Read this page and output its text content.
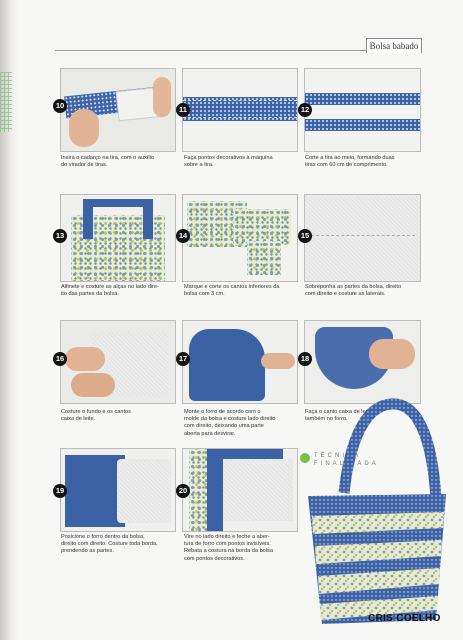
Bolsa babado
10
Insira o cadarço na tira, com o auxílio
do virador de tiras.
11
Faça pontos decorativos à máquina
sobre a tira.
12
Corte a tira ao meio, formando duas
tiras com 60 cm de comprimento.
13
Alfinete e costure as alças no lado dire-
ito das partes da bolsa.
14
Marque e corte os cantos inferiores da
bolsa com 3 cm.
15
Sobreponha as partes da bolsa, direito
com direito e costure as laterais.
16
Costure o fundo e os cantos
caixa de leite.
17
Monte o forro de acordo com o
molde da bolsa e costure lado direito
com direito, deixando uma parte
aberta para desvirar.
18
Faça o canto caixa de leite
também no forro.
19
Posicione o forro dentro da bolsa,
direito com direito. Costure toda borda,
prendendo as partes.
20
Vire no lado direito e feche a aber-
tura de forro com pontos invisíveis.
Rebata a costura na borda da bolsa
com pontos decorativos.
TÉCNICA
FINALIZADA
CRIS COELHO
